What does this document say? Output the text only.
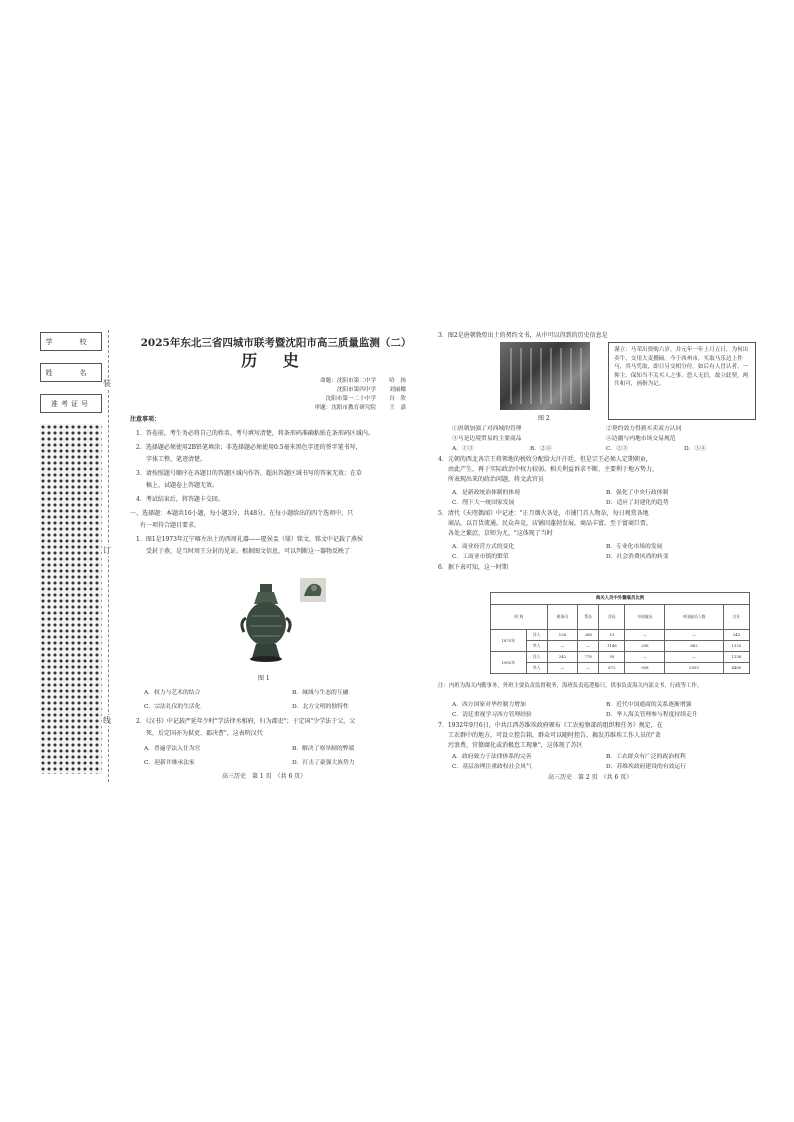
学　校
姓　名
准考证号
装
订
线
2025年东北三省四城市联考暨沈阳市高三质量监测（二）
历 史
命题：沈阳市第二中学 哈　扬
沈阳市第四中学 刘丽娜
沈阳市第一二十中学 谷　欣
审题：沈阳市教育研究院 王　嘉
注意事项：
1．答卷前，考生务必将自己的姓名、考号填写清楚，将条形码准确粘贴在条形码区域内。
2．选择题必须使用2B铅笔填涂；非选择题必须使用0.5毫米黑色字迹的签字笔书写，
字体工整、笔迹清楚。
3．请按照题号顺序在各题目的答题区域内作答，超出答题区域书写的答案无效；在草
稿上、试题卷上答题无效。
4．考试结束后，将答题卡交回。
一、选择题：本题共16小题，每小题3分，共48分。在每小题给出的四个选项中，只
有一项符合题目要求。
1．图1是1973年辽宁喀左出土的西周礼器——匽侯盂（鼎）铭文，铭文中记载了燕侯
受封于燕，是当时周王分封的见证。根据图文信息，可以判断这一器物反映了
图 1
A．权力与艺术的结合	B．城域与生态的互融
C．宗法礼仪的生活化	D．北方文明的独特性
2．《汉书》中记载严延年少时"学法律丞相府，归为郡吏"；于定国"少学法于父，父
死，后定国亦为狱吏、郡决曹"，这表明汉代
A．普遍学法入仕为官	B．解决了察举制的弊端
C．迎新并继承法家	D．打击了豪强大族势力
高三历史　第 1 页　（共 6 页）
3．图2是唐朝敦煌出土的契约文书，从中可以得到的历史信息是
图 2
谨立：马荣出资购六岁，并元年一年上月五日，为何出卖牛，交用大麦捌硕。今于西州市，买取马乐边上件马，其马凭取，即日另交相分付。如后有人冒认者，一仰主、保知当不关买人之事。恐人无信，故立此契。两共和可，画指为记。
①唐朝加强了对西域的管理	②契约效力得到买卖双方认同
③马是边境贸易的主要商品	④边疆与内地市场交易规范
A．①③	B．②④	C．②③	D．①④
4．元朝的西北各宗王将领地的税收分配给大汗汗廷，但是宗王必须人定期朝贡，
由此产生，再于实际政治中权力较弱，相关利益诉求不断，主要利于地方势力，
所表现出来的政治问题，将文武官员
A．是新政统治体制的体现	B．强化了中央行政体制
C．削下大一统国家发展	D．适应了封建化的趋势
5．清代《天咫偶闻》中记述："正月烟火各处，市铺门首人物杂，每日观赏各地
商品，以百货流通。民众奔竞，店铺因蓬勃发展，商品丰富，至于富商巨贾，
各处之繁庶，京师为尤。"这体现了当时
A．商业经营方式的变化	B．专业化市场的发展
C．工商业市镇的繁荣	D．社会消费风尚的转变
6．据下表可知，这一时期
海关人员中外籍雇员比例
时 间		税务司	帮办	洋员	中国雇员	中国雇员人数	合计
1875年	洋人	126	268	13	—	—	243
	华人	—	—	1146	208	882	1325
1905年	洋人	242	778	59	—	—	1138
	华人	—	—	672	958	2953	4480
注：内班为海关内勤事务，外班主要负责监督税务，海班负责巡逻船只，供事负责海关内部文书，行政等工作。
A．西方国家对华控制力增加	B．近代中国通商的关系逐渐增强
C．清廷重视学习西方管理经验	D．华人海关管理参与程度持续走升
7．1932年9月6日，中共江西苏维埃政府颁布《工农检察部的组织和任务》规定，在
工农群中的地方，可设立控告箱，群众可以随时控告，揭发苏维埃工作人员的"贪
污浪费，官僚腐化或消极怠工现象"，这体现了苏区
A．政府致力于法律体系的完善	B．工农群众有广泛的政治权利
C．基层治理注重政权社会风气	D．苏维埃政府建设的有效运行
高三历史　第 2 页　（共 6 页）
